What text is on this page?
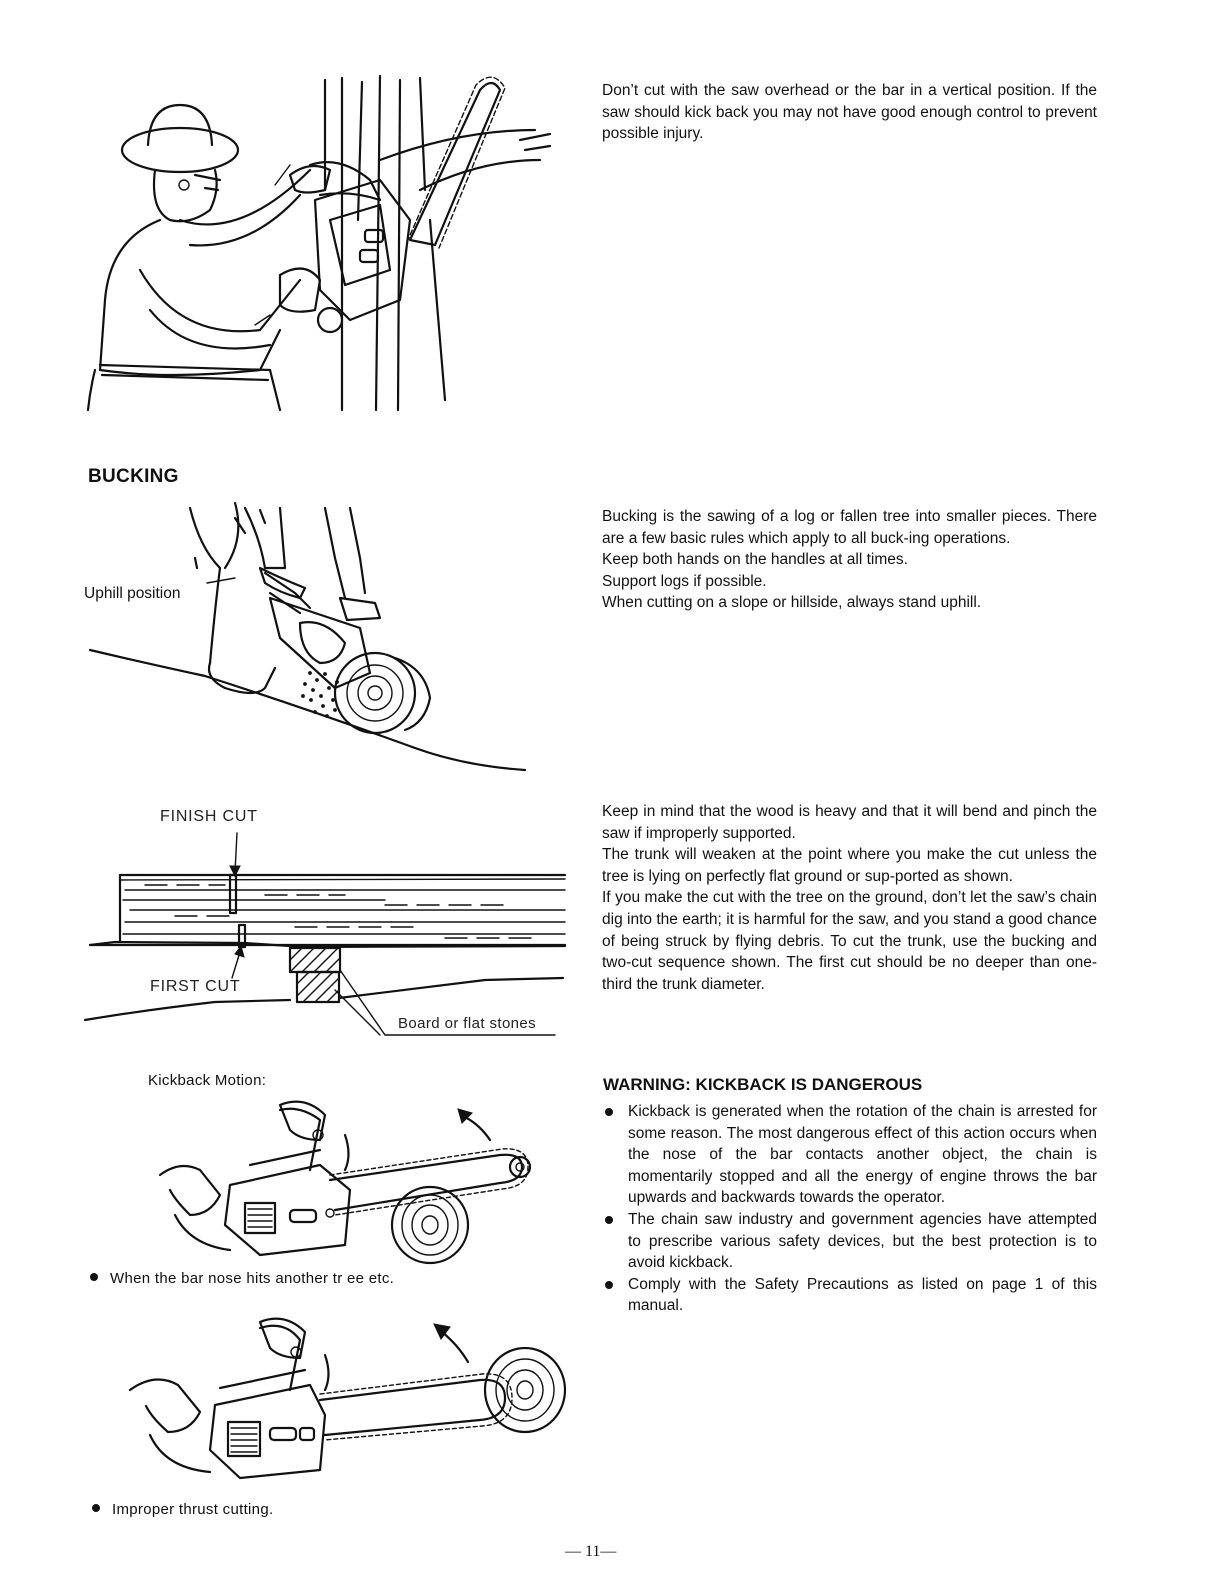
Don’t cut with the saw overhead or the bar in a vertical position. If the saw should kick back you may not have good enough control to prevent possible injury.
BUCKING
Uphill position
Bucking is the sawing of a log or fallen tree into smaller pieces. There are a few basic rules which apply to all buck-ing operations.
Keep both hands on the handles at all times.
Support logs if possible.
When cutting on a slope or hillside, always stand uphill.
FINISH CUT
FIRST CUT
Board or flat stones
Keep in mind that the wood is heavy and that it will bend and pinch the saw if improperly supported.
The trunk will weaken at the point where you make the cut unless the tree is lying on perfectly flat ground or sup-ported as shown.
If you make the cut with the tree on the ground, don’t let the saw’s chain dig into the earth; it is harmful for the saw, and you stand a good chance of being struck by flying debris. To cut the trunk, use the bucking and two-cut sequence shown. The first cut should be no deeper than one-third the trunk diameter.
Kickback Motion:
When the bar nose hits another tr ee etc.
Improper thrust cutting.
WARNING: KICKBACK IS DANGEROUS
Kickback is generated when the rotation of the chain is arrested for some reason. The most dangerous effect of this action occurs when the nose of the bar contacts another object, the chain is momentarily stopped and all the energy of engine throws the bar upwards and backwards towards the operator.
The chain saw industry and government agencies have attempted to prescribe various safety devices, but the best protection is to avoid kickback.
Comply with the Safety Precautions as listed on page 1 of this manual.
— 11—
